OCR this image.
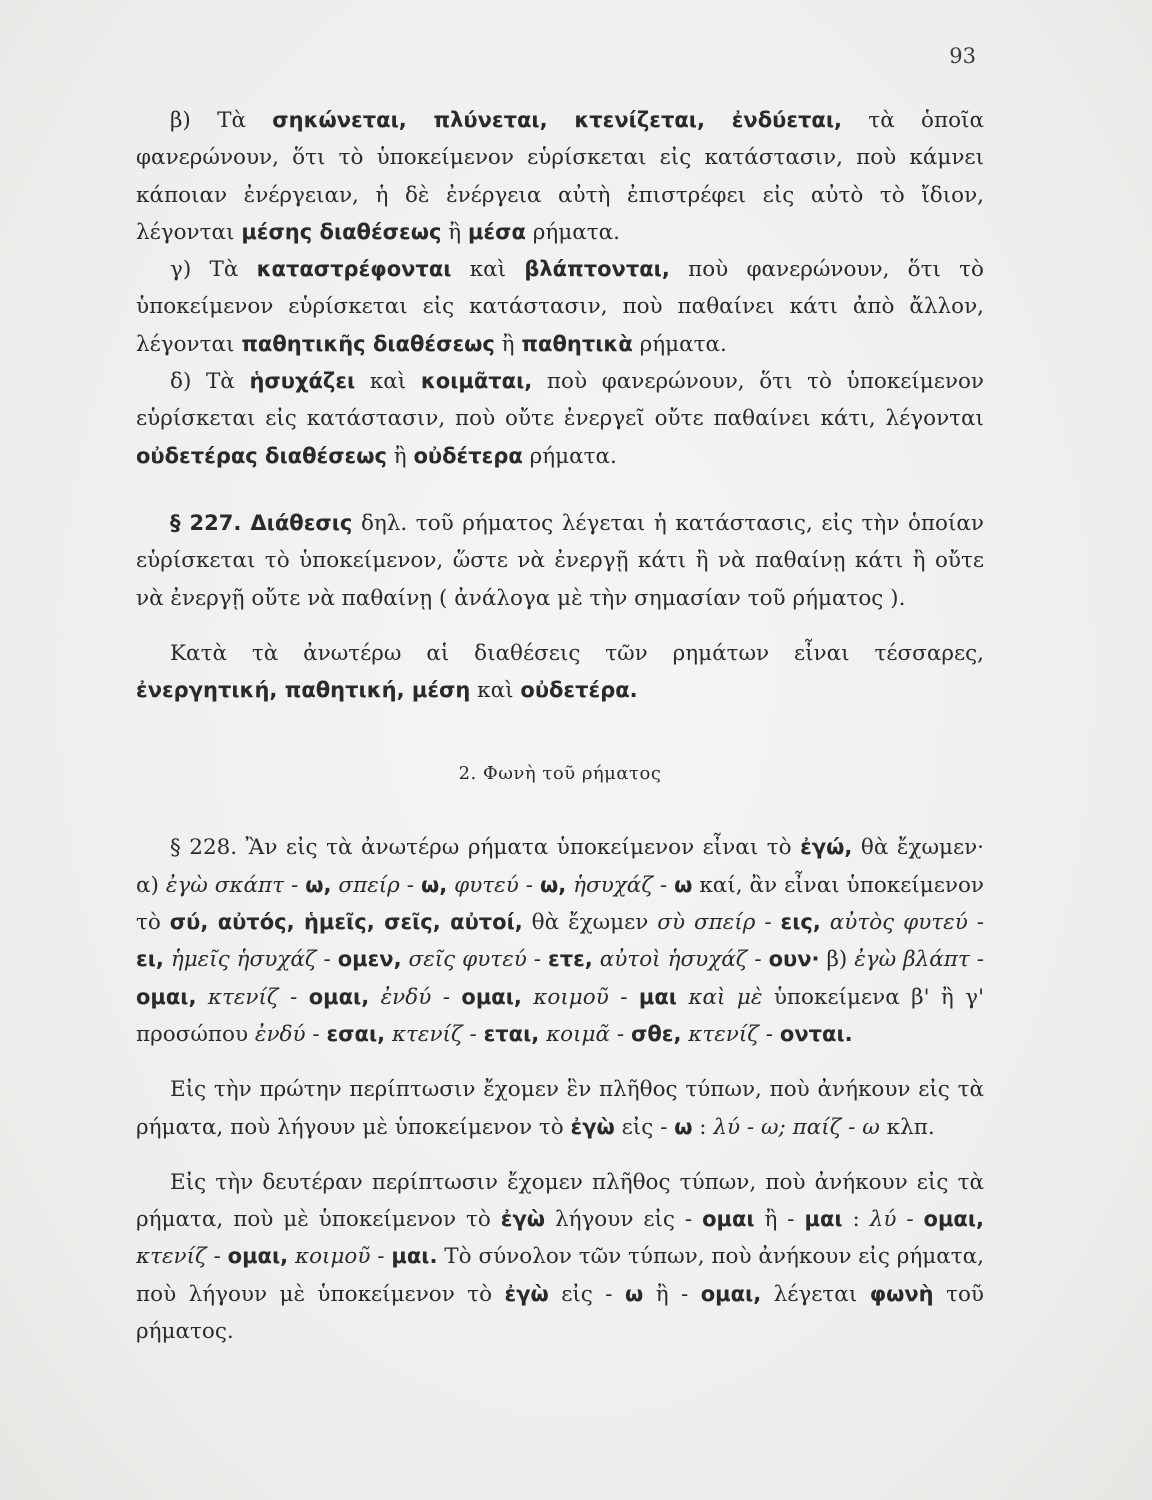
93

β) Τὰ σηκώνεται, πλύνεται, κτενίζεται, ἐνδύεται, τὰ ὁποῖα φανερώνουν, ὅτι τὸ ὑποκείμενον εὑρίσκεται εἰς κατάστασιν, ποὺ κάμνει κάποιαν ἐνέργειαν, ἡ δὲ ἐνέργεια αὐτὴ ἐπιστρέφει εἰς αὐτὸ τὸ ἴδιον, λέγονται μέσης διαθέσεως ἢ μέσα ρήματα.

γ) Τὰ καταστρέφονται καὶ βλάπτονται, ποὺ φανερώνουν, ὅτι τὸ ὑποκείμενον εὑρίσκεται εἰς κατάστασιν, ποὺ παθαίνει κάτι ἀπὸ ἄλλον, λέγονται παθητικῆς διαθέσεως ἢ παθητικὰ ρήματα.

δ) Τὰ ἡσυχάζει καὶ κοιμᾶται, ποὺ φανερώνουν, ὅτι τὸ ὑποκείμενον εὑρίσκεται εἰς κατάστασιν, ποὺ οὔτε ἐνεργεῖ οὔτε παθαίνει κάτι, λέγονται οὐδετέρας διαθέσεως ἢ οὐδέτερα ρήματα.

§ 227. Διάθεσις δηλ. τοῦ ρήματος λέγεται ἡ κατάστασις, εἰς τὴν ὁποίαν εὑρίσκεται τὸ ὑποκείμενον, ὥστε νὰ ἐνεργῇ κάτι ἢ νὰ παθαίνῃ κάτι ἢ οὔτε νὰ ἐνεργῇ οὔτε νὰ παθαίνῃ ( ἀνάλογα μὲ τὴν σημασίαν τοῦ ρήματος ).

Κατὰ τὰ ἀνωτέρω αἱ διαθέσεις τῶν ρημάτων εἶναι τέσσαρες, ἐνεργητική, παθητική, μέση καὶ οὐδετέρα.

2. Φωνὴ τοῦ ρήματος

§ 228. Ἂν εἰς τὰ ἀνωτέρω ρήματα ὑποκείμενον εἶναι τὸ ἐγώ, θὰ ἔχωμεν· α) ἐγὼ σκάπτ - ω, σπείρ - ω, φυτεύ - ω, ἡσυχάζ - ω καί, ἂν εἶναι ὑποκείμενον τὸ σύ, αὐτός, ἡμεῖς, σεῖς, αὐτοί, θὰ ἔχωμεν σὺ σπείρ - εις, αὐτὸς φυτεύ - ει, ἡμεῖς ἡσυχάζ - ομεν, σεῖς φυτεύ - ετε, αὐτοὶ ἡσυχάζ - ουν· β) ἐγὼ βλάπτ - ομαι, κτενίζ - ομαι, ἐνδύ - ομαι, κοιμοῦ - μαι καὶ μὲ ὑποκείμενα β' ἢ γ' προσώπου ἐνδύ - εσαι, κτενίζ - εται, κοιμᾶ - σθε, κτενίζ - ονται.

Εἰς τὴν πρώτην περίπτωσιν ἔχομεν ἓν πλῆθος τύπων, ποὺ ἀνήκουν εἰς τὰ ρήματα, ποὺ λήγουν μὲ ὑποκείμενον τὸ ἐγὼ εἰς - ω : λύ - ω; παίζ - ω κλπ.

Εἰς τὴν δευτέραν περίπτωσιν ἔχομεν πλῆθος τύπων, ποὺ ἀνήκουν εἰς τὰ ρήματα, ποὺ μὲ ὑποκείμενον τὸ ἐγὼ λήγουν εἰς - ομαι ἢ - μαι : λύ - ομαι, κτενίζ - ομαι, κοιμοῦ - μαι. Τὸ σύνολον τῶν τύπων, ποὺ ἀνήκουν εἰς ρήματα, ποὺ λήγουν μὲ ὑποκείμενον τὸ ἐγὼ εἰς - ω ἢ - ομαι, λέγεται φωνὴ τοῦ ρήματος.
